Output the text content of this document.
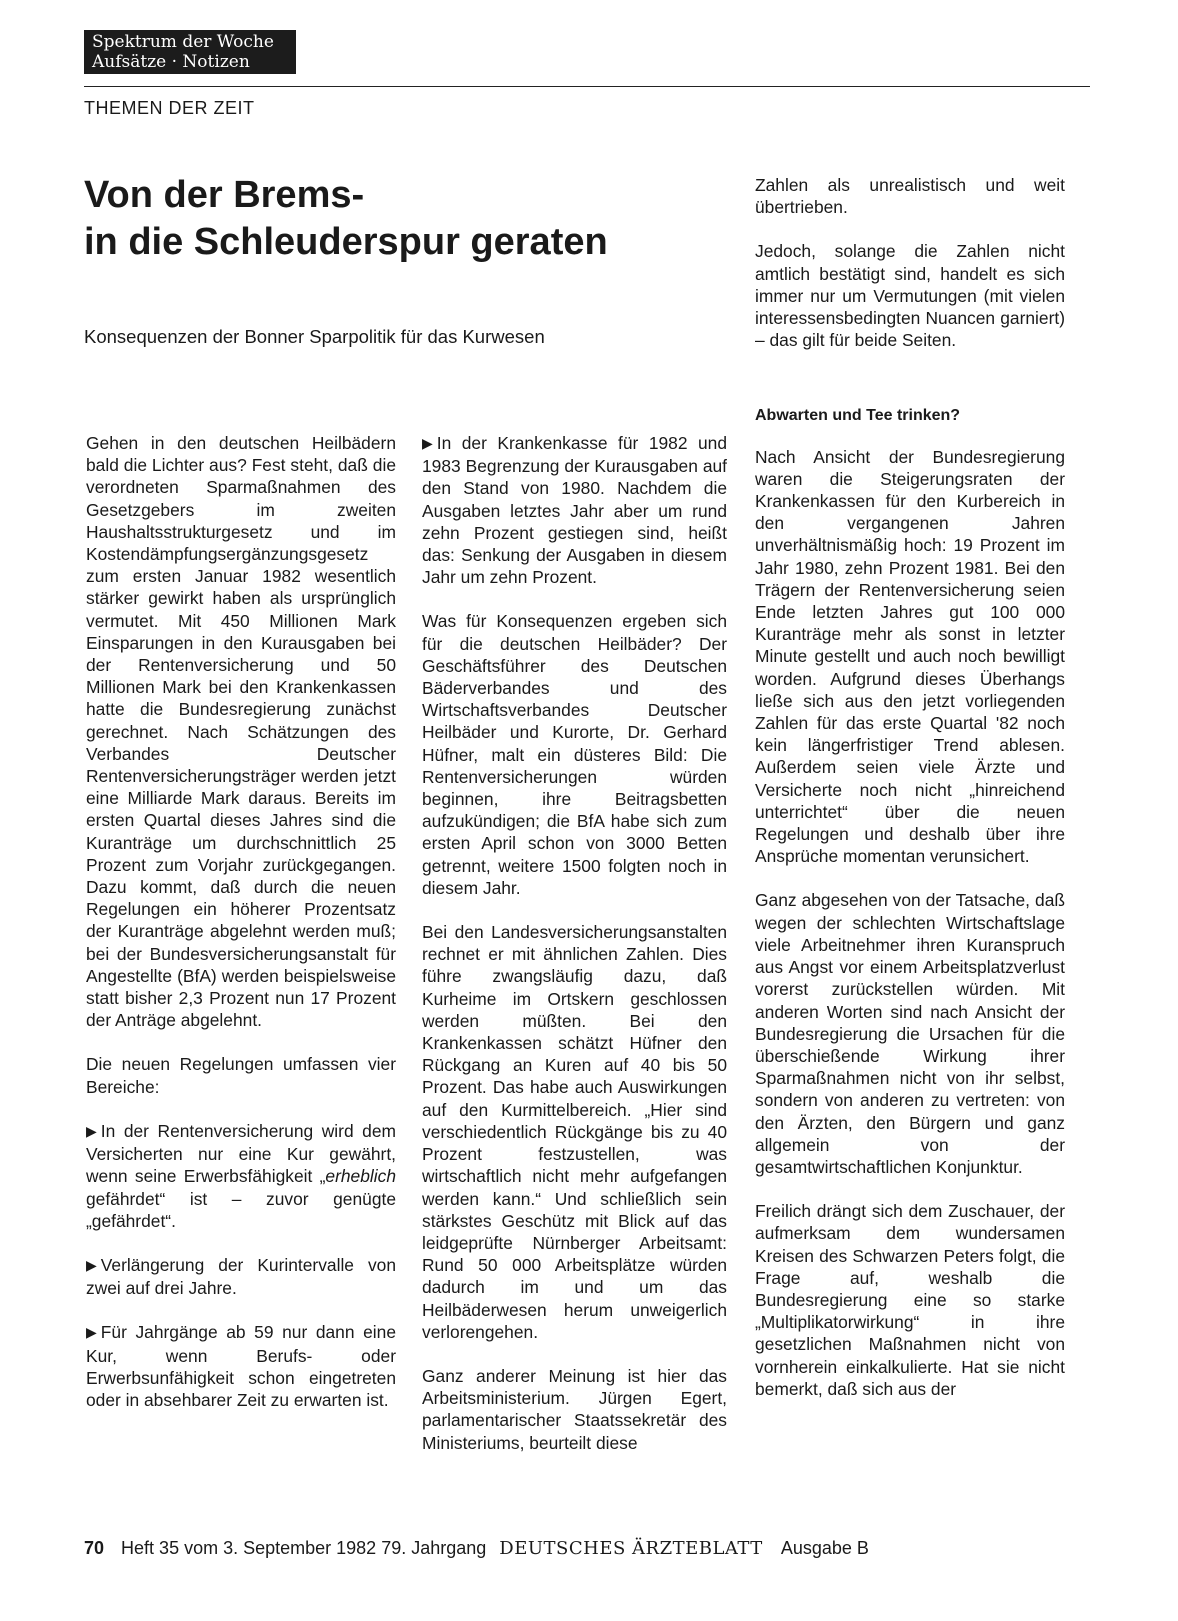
Spektrum der Woche
Aufsätze · Notizen
THEMEN DER ZEIT
Von der Brems-
in die Schleuderspur geraten
Konsequenzen der Bonner Sparpolitik für das Kurwesen

Gehen in den deutschen Heilbädern bald die Lichter aus? Fest steht, daß die verordneten Sparmaßnahmen des Gesetzgebers im zweiten Haushaltsstrukturgesetz und im Kostendämpfungsergänzungsgesetz zum ersten Januar 1982 wesentlich stärker gewirkt haben als ursprünglich vermutet. Mit 450 Millionen Mark Einsparungen in den Kurausgaben bei der Rentenversicherung und 50 Millionen Mark bei den Krankenkassen hatte die Bundesregierung zunächst gerechnet. Nach Schätzungen des Verbandes Deutscher Rentenversicherungsträger werden jetzt eine Milliarde Mark daraus. Bereits im ersten Quartal dieses Jahres sind die Kuranträge um durchschnittlich 25 Prozent zum Vorjahr zurückgegangen. Dazu kommt, daß durch die neuen Regelungen ein höherer Prozentsatz der Kuranträge abgelehnt werden muß; bei der Bundesversicherungsanstalt für Angestellte (BfA) werden beispielsweise statt bisher 2,3 Prozent nun 17 Prozent der Anträge abgelehnt.

Die neuen Regelungen umfassen vier Bereiche:

▶ In der Rentenversicherung wird dem Versicherten nur eine Kur gewährt, wenn seine Erwerbsfähigkeit „erheblich gefährdet“ ist – zuvor genügte „gefährdet“.

▶ Verlängerung der Kurintervalle von zwei auf drei Jahre.

▶ Für Jahrgänge ab 59 nur dann eine Kur, wenn Berufs- oder Erwerbsunfähigkeit schon eingetreten oder in absehbarer Zeit zu erwarten ist.

▶ In der Krankenkasse für 1982 und 1983 Begrenzung der Kurausgaben auf den Stand von 1980. Nachdem die Ausgaben letztes Jahr aber um rund zehn Prozent gestiegen sind, heißt das: Senkung der Ausgaben in diesem Jahr um zehn Prozent.

Was für Konsequenzen ergeben sich für die deutschen Heilbäder? Der Geschäftsführer des Deutschen Bäderverbandes und des Wirtschaftsverbandes Deutscher Heilbäder und Kurorte, Dr. Gerhard Hüfner, malt ein düsteres Bild: Die Rentenversicherungen würden beginnen, ihre Beitragsbetten aufzukündigen; die BfA habe sich zum ersten April schon von 3000 Betten getrennt, weitere 1500 folgten noch in diesem Jahr.

Bei den Landesversicherungsanstalten rechnet er mit ähnlichen Zahlen. Dies führe zwangsläufig dazu, daß Kurheime im Ortskern geschlossen werden müßten. Bei den Krankenkassen schätzt Hüfner den Rückgang an Kuren auf 40 bis 50 Prozent. Das habe auch Auswirkungen auf den Kurmittelbereich. „Hier sind verschiedentlich Rückgänge bis zu 40 Prozent festzustellen, was wirtschaftlich nicht mehr aufgefangen werden kann.“ Und schließlich sein stärkstes Geschütz mit Blick auf das leidgeprüfte Nürnberger Arbeitsamt: Rund 50 000 Arbeitsplätze würden dadurch im und um das Heilbäderwesen herum unweigerlich verlorengehen.

Ganz anderer Meinung ist hier das Arbeitsministerium. Jürgen Egert, parlamentarischer Staatssekretär des Ministeriums, beurteilt diese

Zahlen als unrealistisch und weit übertrieben.

Jedoch, solange die Zahlen nicht amtlich bestätigt sind, handelt es sich immer nur um Vermutungen (mit vielen interessensbedingten Nuancen garniert) – das gilt für beide Seiten.

Abwarten und Tee trinken?

Nach Ansicht der Bundesregierung waren die Steigerungsraten der Krankenkassen für den Kurbereich in den vergangenen Jahren unverhältnismäßig hoch: 19 Prozent im Jahr 1980, zehn Prozent 1981. Bei den Trägern der Rentenversicherung seien Ende letzten Jahres gut 100 000 Kuranträge mehr als sonst in letzter Minute gestellt und auch noch bewilligt worden. Aufgrund dieses Überhangs ließe sich aus den jetzt vorliegenden Zahlen für das erste Quartal '82 noch kein längerfristiger Trend ablesen. Außerdem seien viele Ärzte und Versicherte noch nicht „hinreichend unterrichtet“ über die neuen Regelungen und deshalb über ihre Ansprüche momentan verunsichert.

Ganz abgesehen von der Tatsache, daß wegen der schlechten Wirtschaftslage viele Arbeitnehmer ihren Kuranspruch aus Angst vor einem Arbeitsplatzverlust vorerst zurückstellen würden. Mit anderen Worten sind nach Ansicht der Bundesregierung die Ursachen für die überschießende Wirkung ihrer Sparmaßnahmen nicht von ihr selbst, sondern von anderen zu vertreten: von den Ärzten, den Bürgern und ganz allgemein von der gesamtwirtschaftlichen Konjunktur.

Freilich drängt sich dem Zuschauer, der aufmerksam dem wundersamen Kreisen des Schwarzen Peters folgt, die Frage auf, weshalb die Bundesregierung eine so starke „Multiplikatorwirkung“ in ihre gesetzlichen Maßnahmen nicht von vornherein einkalkulierte. Hat sie nicht bemerkt, daß sich aus der

70 Heft 35 vom 3. September 1982 79. Jahrgang DEUTSCHES ÄRZTEBLATT Ausgabe B
